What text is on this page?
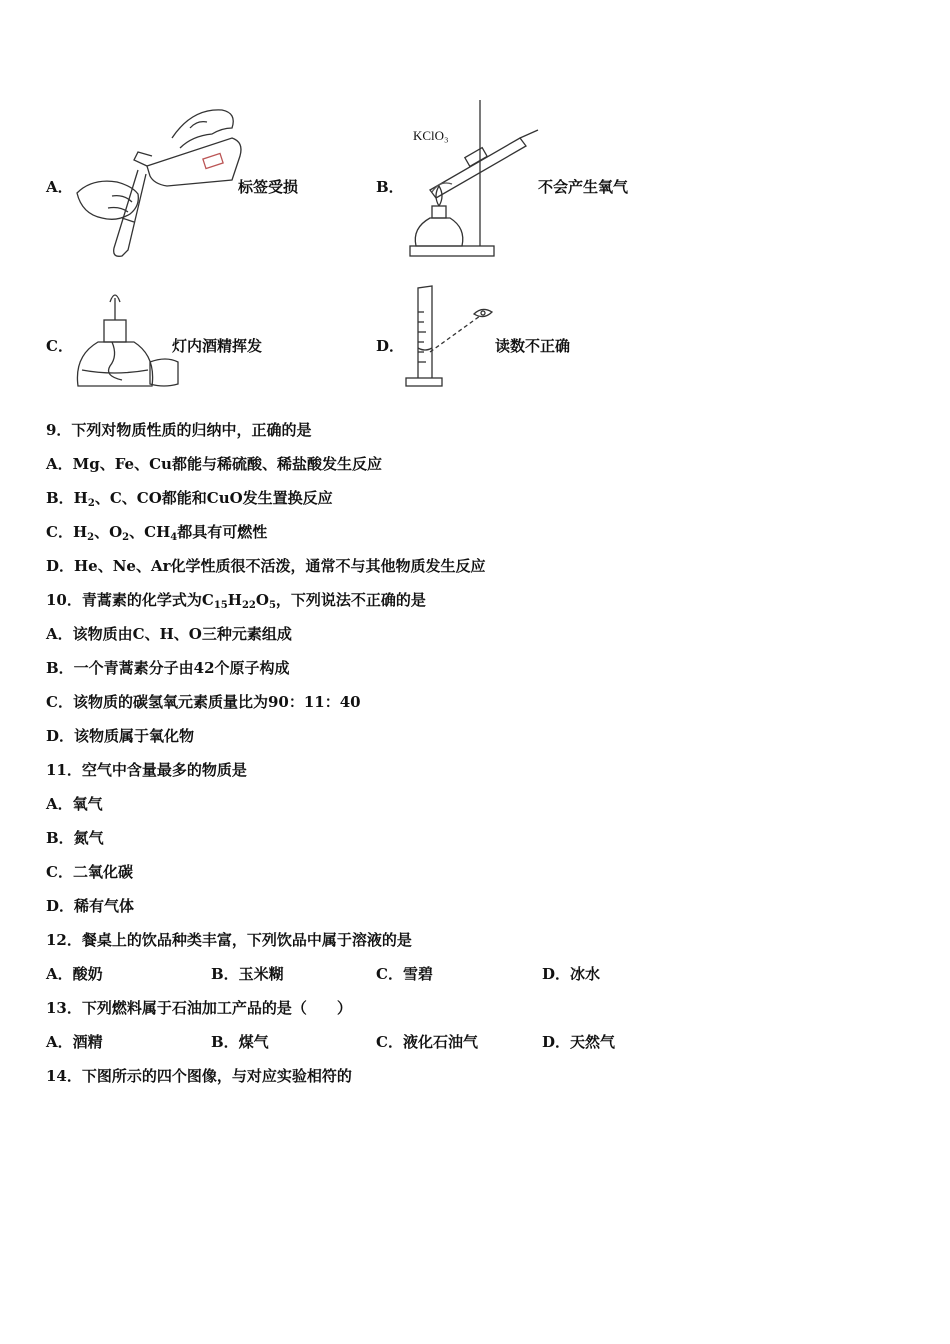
A．	标签受损	B．
KClO₃
不会产生氧气
C．	灯内酒精挥发	D．	读数不正确
9．下列对物质性质的归纳中，正确的是
A．Mg、Fe、Cu都能与稀硫酸、稀盐酸发生反应
B．$H_2$、C、CO都能和CuO发生置换反应
C．$H_2$、$O_2$、$CH_4$都具有可燃性
D．He、Ne、Ar化学性质很不活泼，通常不与其他物质发生反应
10．青蒿素的化学式为$C_{15}H_{22}O_5$，下列说法不正确的是
A．该物质由C、H、O三种元素组成
B．一个青蒿素分子由42个原子构成
C．该物质的碳氢氧元素质量比为90：11：40
D．该物质属于氧化物
11．空气中含量最多的物质是
A．氧气
B．氮气
C．二氧化碳
D．稀有气体
12．餐桌上的饮品种类丰富，下列饮品中属于溶液的是
A．酸奶	B．玉米糊	C．雪碧	D．冰水
13．下列燃料属于石油加工产品的是（　　）
A．酒精	B．煤气	C．液化石油气	D．天然气
14．下图所示的四个图像，与对应实验相符的
